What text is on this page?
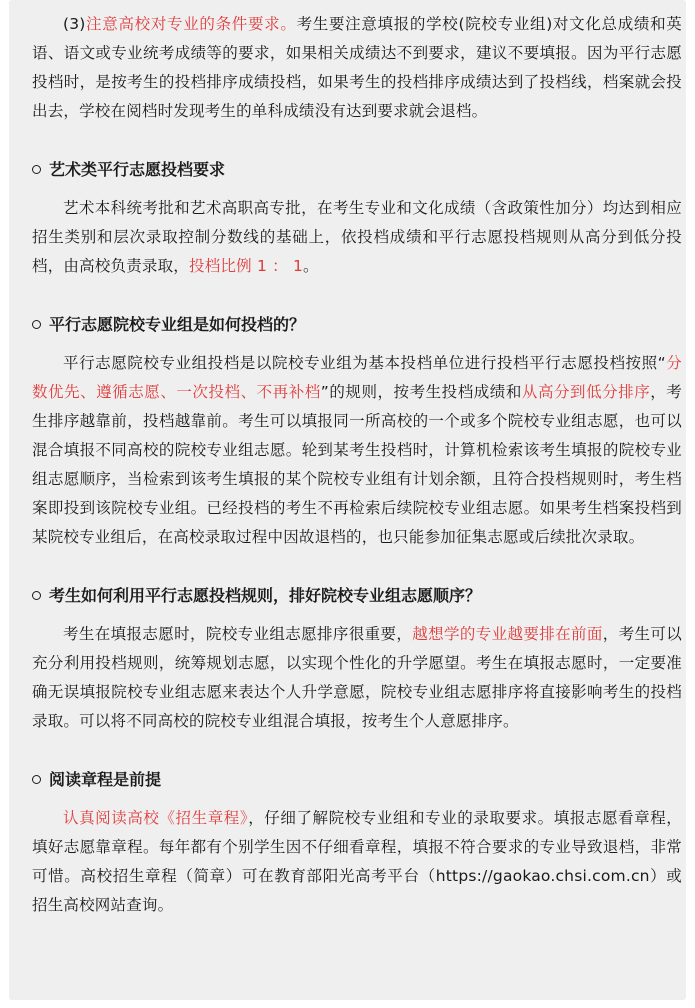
(3)注意高校对专业的条件要求。考生要注意填报的学校(院校专业组)对文化总成绩和英语、语文或专业统考成绩等的要求，如果相关成绩达不到要求，建议不要填报。因为平行志愿投档时，是按考生的投档排序成绩投档，如果考生的投档排序成绩达到了投档线，档案就会投出去，学校在阅档时发现考生的单科成绩没有达到要求就会退档。

艺术类平行志愿投档要求

艺术本科统考批和艺术高职高专批，在考生专业和文化成绩（含政策性加分）均达到相应招生类别和层次录取控制分数线的基础上，依投档成绩和平行志愿投档规则从高分到低分投档，由高校负责录取，投档比例 1 ： 1。

平行志愿院校专业组是如何投档的？

平行志愿院校专业组投档是以院校专业组为基本投档单位进行投档平行志愿投档按照“分数优先、遵循志愿、一次投档、不再补档”的规则，按考生投档成绩和从高分到低分排序，考生排序越靠前，投档越靠前。考生可以填报同一所高校的一个或多个院校专业组志愿，也可以混合填报不同高校的院校专业组志愿。轮到某考生投档时，计算机检索该考生填报的院校专业组志愿顺序，当检索到该考生填报的某个院校专业组有计划余额，且符合投档规则时，考生档案即投到该院校专业组。已经投档的考生不再检索后续院校专业组志愿。如果考生档案投档到某院校专业组后，在高校录取过程中因故退档的，也只能参加征集志愿或后续批次录取。

考生如何利用平行志愿投档规则，排好院校专业组志愿顺序？

考生在填报志愿时，院校专业组志愿排序很重要，越想学的专业越要排在前面，考生可以充分利用投档规则，统筹规划志愿，以实现个性化的升学愿望。考生在填报志愿时，一定要准确无误填报院校专业组志愿来表达个人升学意愿，院校专业组志愿排序将直接影响考生的投档录取。可以将不同高校的院校专业组混合填报，按考生个人意愿排序。

阅读章程是前提

认真阅读高校《招生章程》，仔细了解院校专业组和专业的录取要求。填报志愿看章程，填好志愿靠章程。每年都有个别学生因不仔细看章程，填报不符合要求的专业导致退档，非常可惜。高校招生章程（简章）可在教育部阳光高考平台（https://gaokao.chsi.com.cn）或招生高校网站查询。
